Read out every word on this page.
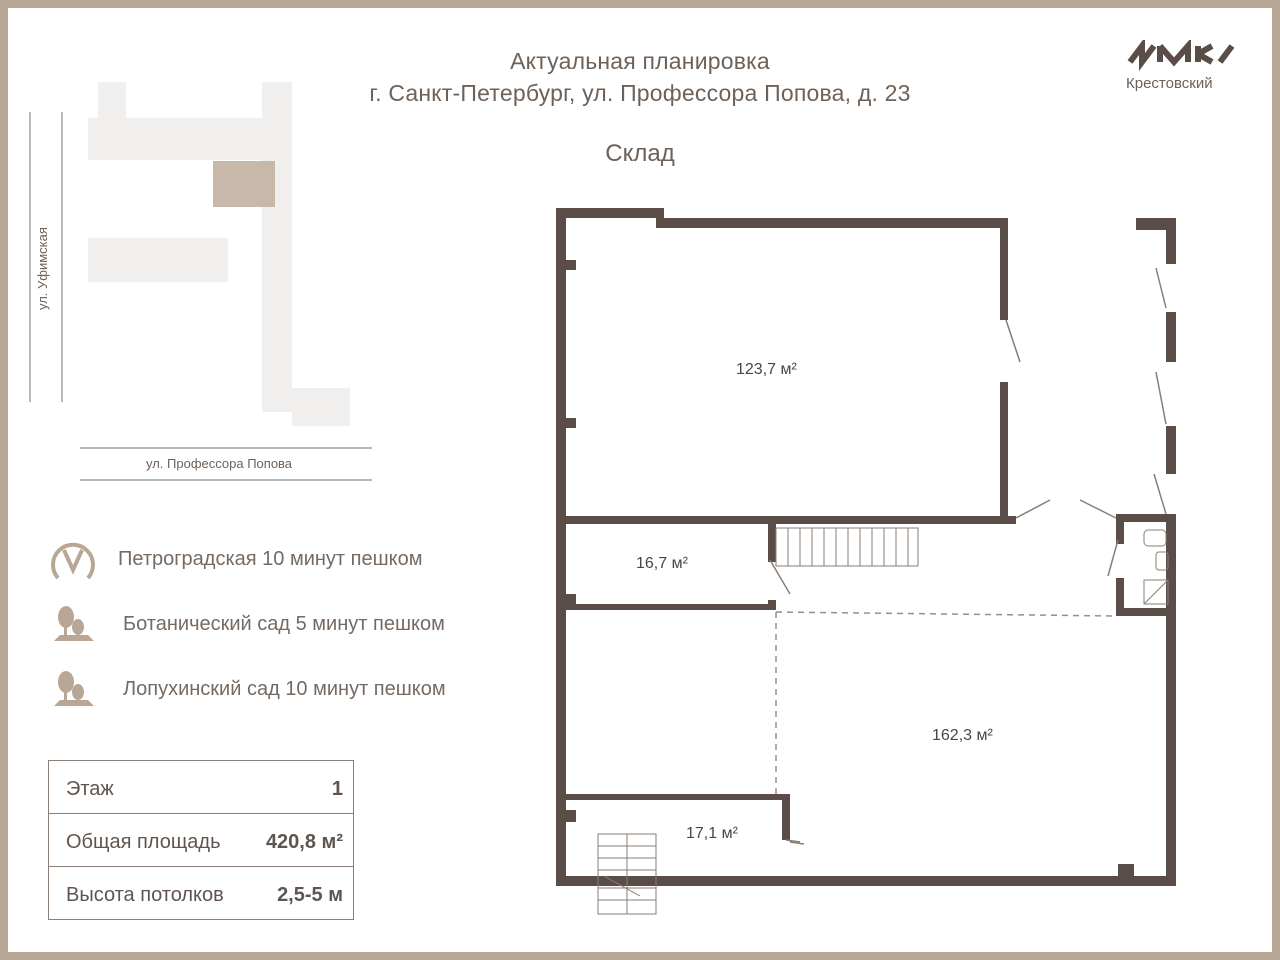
Актуальная планировка
г. Санкт-Петербург, ул. Профессора Попова, д. 23
Склад
Крестовский
123,7 м²
16,7 м²
162,3 м²
17,1 м²
ул. Уфимская
ул. Профессора Попова
Петроградская 10 минут пешком
Ботанический сад 5 минут пешком
Лопухинский сад 10 минут пешком
Этаж	1
Общая площадь 420,8 м²
Высота потолков	2,5-5 м
